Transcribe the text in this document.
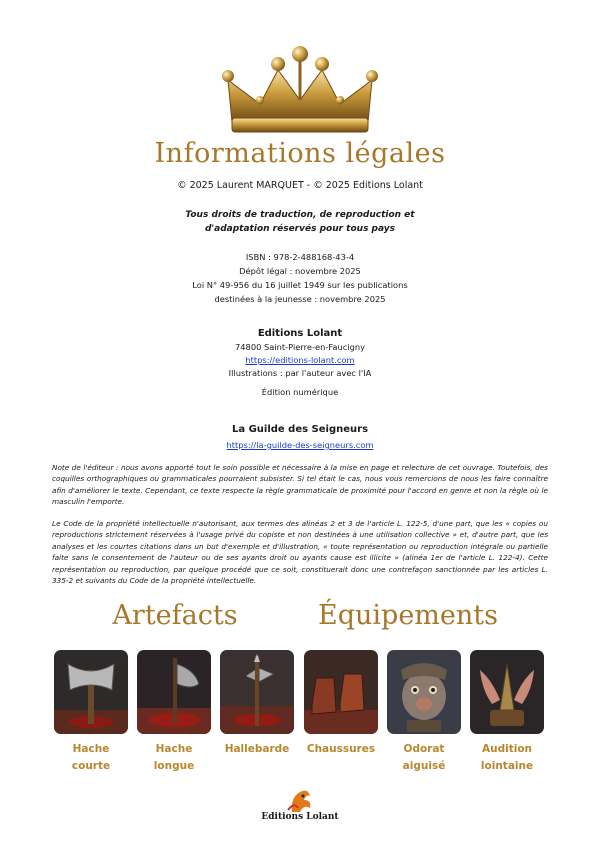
Informations légales
© 2025 Laurent MARQUET - © 2025 Editions Lolant
Tous droits de traduction, de reproduction et
d'adaptation réservés pour tous pays
ISBN : 978-2-488168-43-4
Dépôt légal : novembre 2025
Loi N° 49-956 du 16 juillet 1949 sur les publications
destinées à la jeunesse : novembre 2025
Editions Lolant
74800 Saint-Pierre-en-Faucigny
https://editions-lolant.com
Illustrations : par l'auteur avec l'IA
Édition numérique
La Guilde des Seigneurs
https://la-guilde-des-seigneurs.com
Note de l'éditeur : nous avons apporté tout le soin possible et nécessaire à la mise en page et relecture de cet ouvrage. Toutefois, des coquilles orthographiques ou grammaticales pourraient subsister. Si tel était le cas, nous vous remercions de nous les faire connaître afin d'améliorer le texte. Cependant, ce texte respecte la règle grammaticale de proximité pour l'accord en genre et non la règle où le masculin l'emporte.
Le Code de la propriété intellectuelle n'autorisant, aux termes des alinéas 2 et 3 de l'article L. 122-5, d'une part, que les « copies ou reproductions strictement réservées à l'usage privé du copiste et non destinées à une utilisation collective » et, d'autre part, que les analyses et les courtes citations dans un but d'exemple et d'illustration, « toute représentation ou reproduction intégrale ou partielle faite sans le consentement de l'auteur ou de ses ayants droit ou ayants cause est illicite » (alinéa 1er de l'article L. 122-4). Cette représentation ou reproduction, par quelque procédé que ce soit, constituerait donc une contrefaçon sanctionnée par les articles L. 335-2 et suivants du Code de la propriété intellectuelle.
Artefacts	Équipements
Hache
courte
Hache
longue
Hallebarde	Chaussures	Odorat
aiguisé
Audition
lointaine
Editions Lolant
